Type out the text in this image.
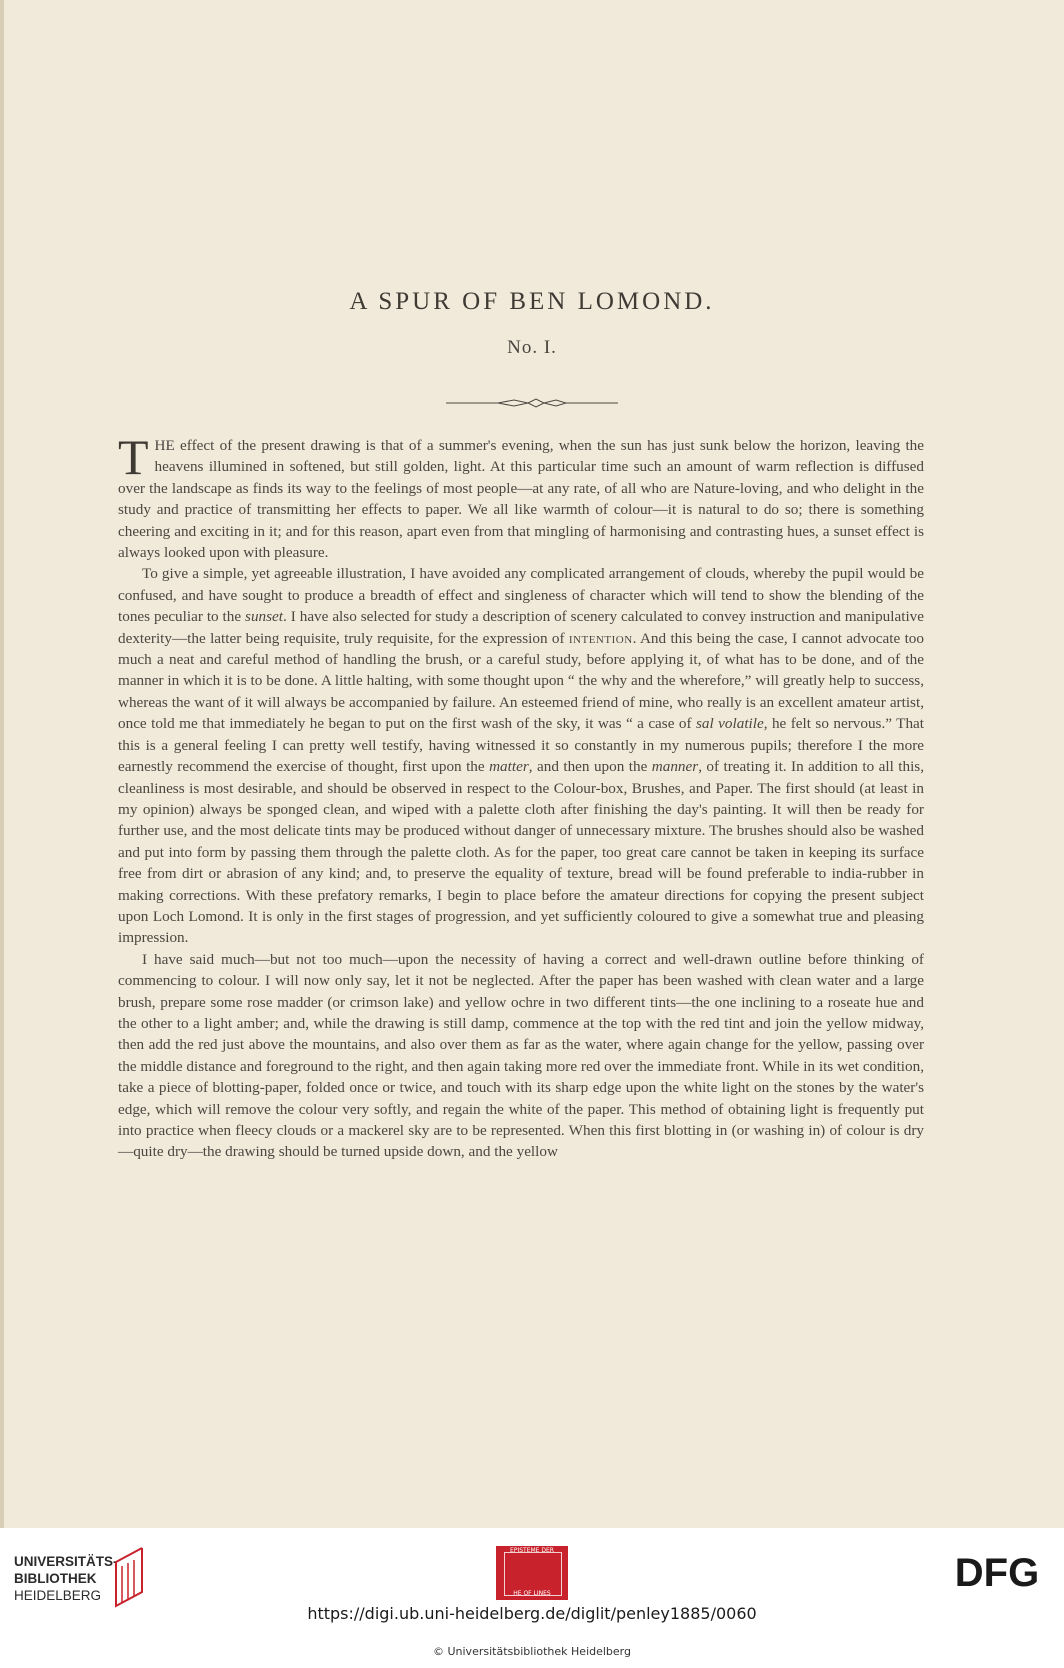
A SPUR OF BEN LOMOND.
No. I.

THE effect of the present drawing is that of a summer's evening, when the sun has just sunk below the horizon, leaving the heavens illumined in softened, but still golden, light. At this particular time such an amount of warm reflection is diffused over the landscape as finds its way to the feelings of most people—at any rate, of all who are Nature-loving, and who delight in the study and practice of transmitting her effects to paper. We all like warmth of colour—it is natural to do so; there is something cheering and exciting in it; and for this reason, apart even from that mingling of harmonising and contrasting hues, a sunset effect is always looked upon with pleasure.

To give a simple, yet agreeable illustration, I have avoided any complicated arrangement of clouds, whereby the pupil would be confused, and have sought to produce a breadth of effect and singleness of character which will tend to show the blending of the tones peculiar to the sunset. I have also selected for study a description of scenery calculated to convey instruction and manipulative dexterity—the latter being requisite, truly requisite, for the expression of intention. And this being the case, I cannot advocate too much a neat and careful method of handling the brush, or a careful study, before applying it, of what has to be done, and of the manner in which it is to be done. A little halting, with some thought upon “ the why and the wherefore,” will greatly help to success, whereas the want of it will always be accompanied by failure. An esteemed friend of mine, who really is an excellent amateur artist, once told me that immediately he began to put on the first wash of the sky, it was “ a case of sal volatile, he felt so nervous.” That this is a general feeling I can pretty well testify, having witnessed it so constantly in my numerous pupils; therefore I the more earnestly recommend the exercise of thought, first upon the matter, and then upon the manner, of treating it. In addition to all this, cleanliness is most desirable, and should be observed in respect to the Colour-box, Brushes, and Paper. The first should (at least in my opinion) always be sponged clean, and wiped with a palette cloth after finishing the day's painting. It will then be ready for further use, and the most delicate tints may be produced without danger of unnecessary mixture. The brushes should also be washed and put into form by passing them through the palette cloth. As for the paper, too great care cannot be taken in keeping its surface free from dirt or abrasion of any kind; and, to preserve the equality of texture, bread will be found preferable to india-rubber in making corrections. With these prefatory remarks, I begin to place before the amateur directions for copying the present subject upon Loch Lomond. It is only in the first stages of progression, and yet sufficiently coloured to give a somewhat true and pleasing impression.

I have said much—but not too much—upon the necessity of having a correct and well-drawn outline before thinking of commencing to colour. I will now only say, let it not be neglected. After the paper has been washed with clean water and a large brush, prepare some rose madder (or crimson lake) and yellow ochre in two different tints—the one inclining to a roseate hue and the other to a light amber; and, while the drawing is still damp, commence at the top with the red tint and join the yellow midway, then add the red just above the mountains, and also over them as far as the water, where again change for the yellow, passing over the middle distance and foreground to the right, and then again taking more red over the immediate front. While in its wet condition, take a piece of blotting-paper, folded once or twice, and touch with its sharp edge upon the white light on the stones by the water's edge, which will remove the colour very softly, and regain the white of the paper. This method of obtaining light is frequently put into practice when fleecy clouds or a mackerel sky are to be represented. When this first blotting in (or washing in) of colour is dry—quite dry—the drawing should be turned upside down, and the yellow

UNIVERSITÄTS-
BIBLIOTHEK
HEIDELBERG
EPISTEME DER
HE OF LINES	DFG
https://digi.ub.uni-heidelberg.de/diglit/penley1885/0060
© Universitätsbibliothek Heidelberg
